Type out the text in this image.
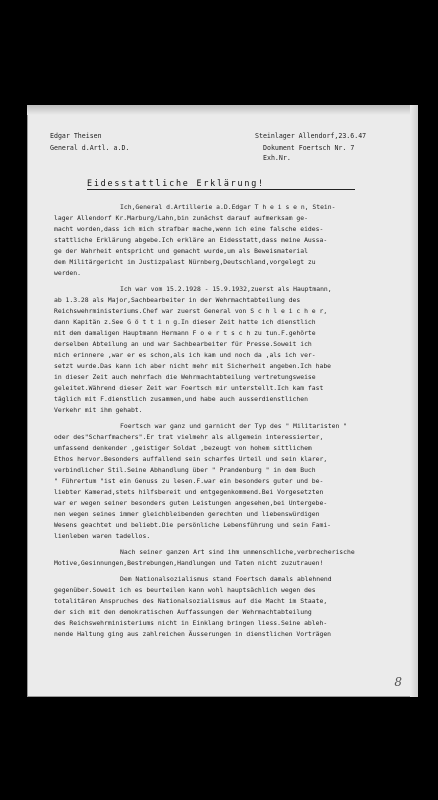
Edgar Theisen
General d.Artl. a.D.
Steinlager Allendorf,23.6.47
Dokument Foertsch Nr. 7
Exh.Nr.
Eidesstattliche Erklärung!
Ich,General d.Artillerie a.D.Edgar T h e i s e n, Stein-
lager Allendorf Kr.Marburg/Lahn,bin zunächst darauf aufmerksam ge-
macht worden,dass ich mich strafbar mache,wenn ich eine falsche eides-
stattliche Erklärung abgebe.Ich erkläre an Eidesstatt,dass meine Aussa-
ge der Wahrheit entspricht und gemacht wurde,um als Beweismaterial
dem Militärgericht im Justizpalast Nürnberg,Deutschland,vorgelegt zu
werden.
Ich war vom 15.2.1928 - 15.9.1932,zuerst als Hauptmann,
ab 1.3.28 als Major,Sachbearbeiter in der Wehrmachtabteilung des
Reichswehrministeriums.Chef war zuerst General von S c h l e i c h e r,
dann Kapitän z.See G ö t t i n g.In dieser Zeit hatte ich dienstlich
mit dem damaligen Hauptmann Hermann F o e r t s c h zu tun.F.gehörte
derselben Abteilung an und war Sachbearbeiter für Presse.Soweit ich
mich erinnere ,war er es schon,als ich kam und noch da ,als ich ver-
setzt wurde.Das kann ich aber nicht mehr mit Sicherheit angeben.Ich habe
in dieser Zeit auch mehrfach die Wehrmachtabteilung vertretungsweise
geleitet.Während dieser Zeit war Foertsch mir unterstellt.Ich kam fast
täglich mit F.dienstlich zusammen,und habe auch ausserdienstlichen
Verkehr mit ihm gehabt.
Foertsch war ganz und garnicht der Typ des " Militaristen "
oder des"Scharfmachers".Er trat vielmehr als allgemein interessierter,
umfassend denkender ,geistiger Soldat ,bezeugt von hohem sittlichem
Ethos hervor.Besonders auffallend sein scharfes Urteil und sein klarer,
verbindlicher Stil.Seine Abhandlung über " Prandenburg " in dem Buch
" Führertum "ist ein Genuss zu lesen.F.war ein besonders guter und be-
liebter Kamerad,stets hilfsbereit und entgegenkommend.Bei Vorgesetzten
war er wegen seiner besonders guten Leistungen angesehen,bei Untergebe-
nen wegen seines immer gleichbleibenden gerechten und liebenswürdigen
Wesens geachtet und beliebt.Die persönliche Lebensführung und sein Fami-
lienleben waren tadellos.
Nach seiner ganzen Art sind ihm unmenschliche,verbrecherische
Motive,Gesinnungen,Bestrebungen,Handlungen und Taten nicht zuzutrauen!
Dem Nationalsozialismus stand Foertsch damals ablehnend
gegenüber.Soweit ich es beurteilen kann wohl hauptsächlich wegen des
totalitären Anspruches des Nationalsozialismus auf die Macht im Staate,
der sich mit den demokratischen Auffassungen der Wehrmachtabteilung
des Reichswehrministeriums nicht in Einklang bringen liess.Seine ableh-
nende Haltung ging aus zahlreichen Äusserungen in dienstlichen Vorträgen
8
